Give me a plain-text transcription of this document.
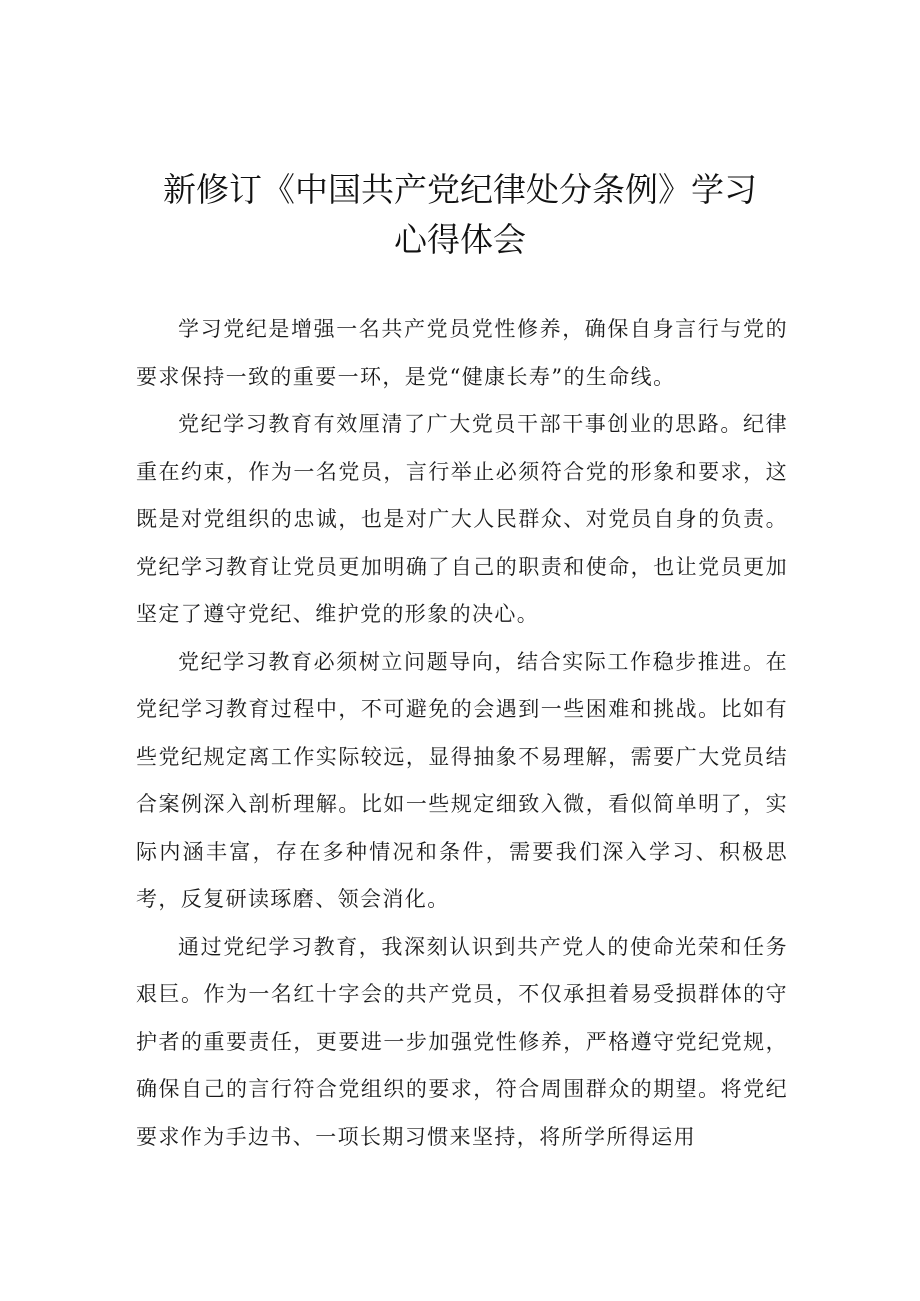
新修订《中国共产党纪律处分条例》学习
心得体会

学习党纪是增强一名共产党员党性修养，确保自身言行与党的要求保持一致的重要一环，是党“健康长寿”的生命线。

党纪学习教育有效厘清了广大党员干部干事创业的思路。纪律重在约束，作为一名党员，言行举止必须符合党的形象和要求，这既是对党组织的忠诚，也是对广大人民群众、对党员自身的负责。党纪学习教育让党员更加明确了自己的职责和使命，也让党员更加坚定了遵守党纪、维护党的形象的决心。

党纪学习教育必须树立问题导向，结合实际工作稳步推进。在党纪学习教育过程中，不可避免的会遇到一些困难和挑战。比如有些党纪规定离工作实际较远，显得抽象不易理解，需要广大党员结合案例深入剖析理解。比如一些规定细致入微，看似简单明了，实际内涵丰富，存在多种情况和条件，需要我们深入学习、积极思考，反复研读琢磨、领会消化。

通过党纪学习教育，我深刻认识到共产党人的使命光荣和任务艰巨。作为一名红十字会的共产党员，不仅承担着易受损群体的守护者的重要责任，更要进一步加强党性修养，严格遵守党纪党规，确保自己的言行符合党组织的要求，符合周围群众的期望。将党纪要求作为手边书、一项长期习惯来坚持，将所学所得运用
